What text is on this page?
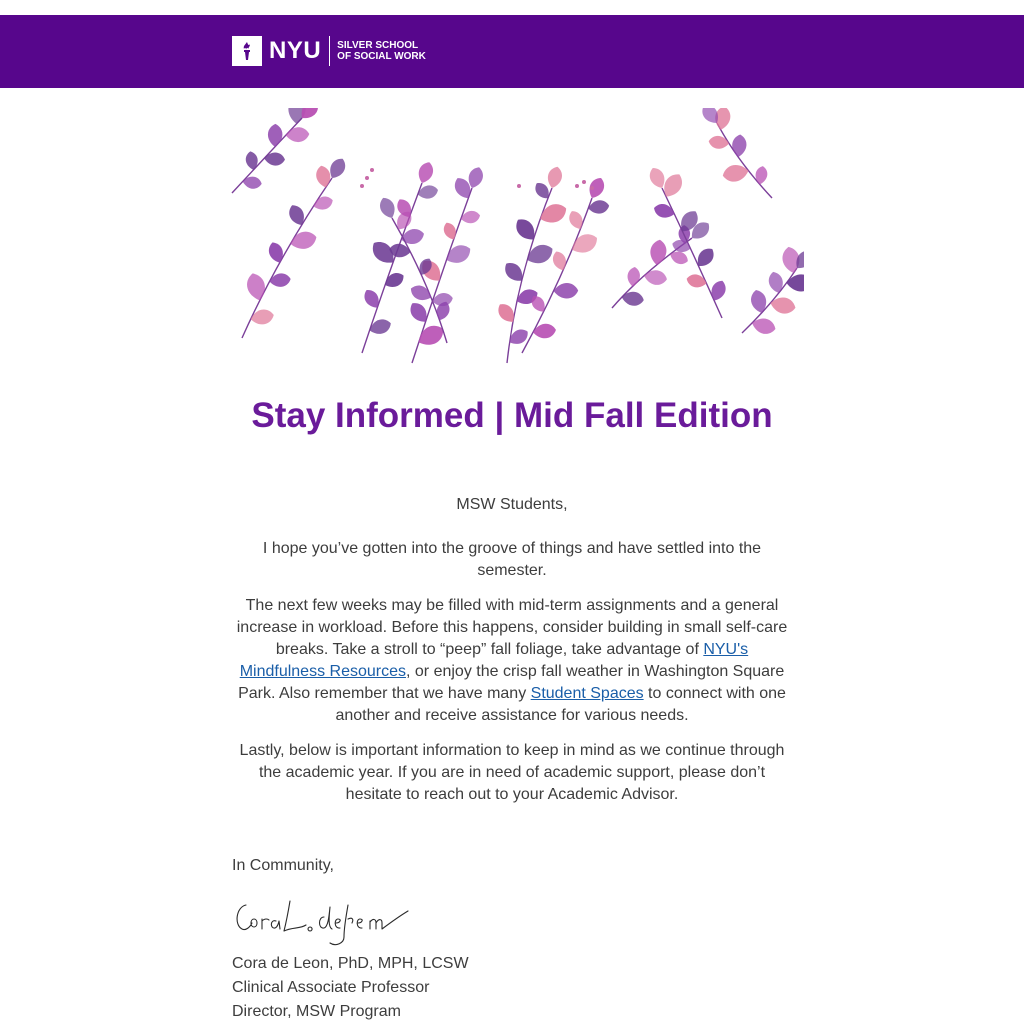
NYU SILVER SCHOOL
OF SOCIAL WORK
Stay Informed | Mid Fall Edition

MSW Students,

I hope you’ve gotten into the groove of things and have settled into the semester.

The next few weeks may be filled with mid-term assignments and a general increase in workload. Before this happens, consider building in small self-care breaks. Take a stroll to “peep” fall foliage, take advantage of NYU's Mindfulness Resources, or enjoy the crisp fall weather in Washington Square Park. Also remember that we have many Student Spaces to connect with one another and receive assistance for various needs.

Lastly, below is important information to keep in mind as we continue through the academic year. If you are in need of academic support, please don’t hesitate to reach out to your Academic Advisor.

In Community,
Cora de Leon, PhD, MPH, LCSW
Clinical Associate Professor
Director, MSW Program
